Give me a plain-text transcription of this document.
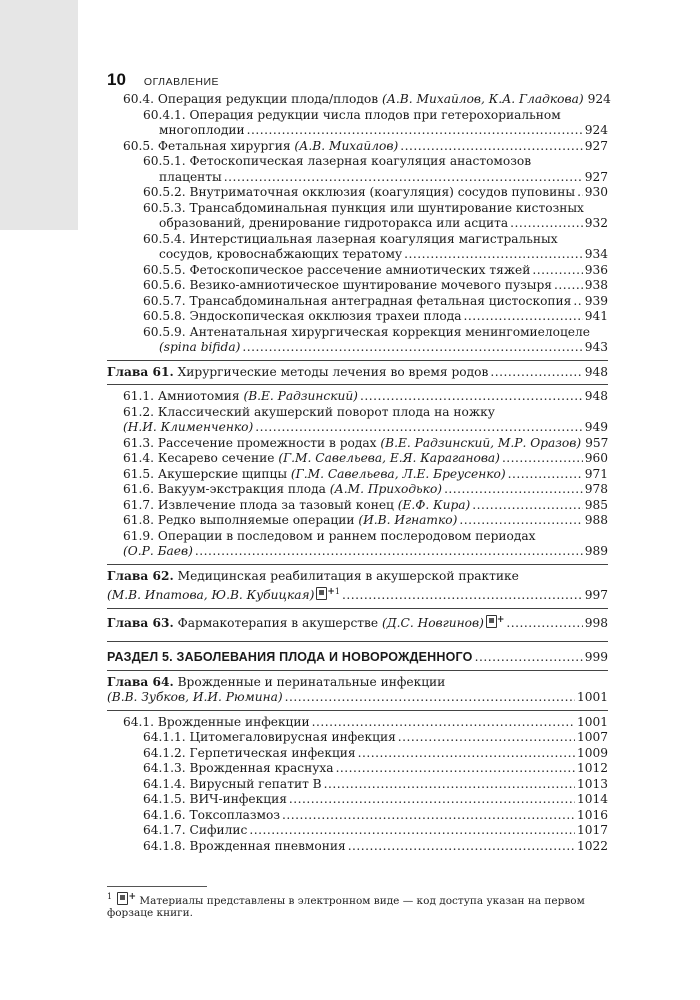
10 ОГЛАВЛЕНИЕ
60.4. Операция редукции плода/плодов (А.В. Михайлов, К.А. Гладкова) 924
60.4.1. Операция редукции числа плодов при гетерохориальном
многоплодии .....	924
60.5. Фетальная хирургия (А.В. Михайлов) .....	927
60.5.1. Фетоскопическая лазерная коагуляция анастомозов
плаценты .....	927
60.5.2. Внутриматочная окклюзия (коагуляция) сосудов пуповины ..... 930
60.5.3. Трансабдоминальная пункция или шунтирование кистозных
образований, дренирование гидроторакса или асцита .....	932
60.5.4. Интерстициальная лазерная коагуляция магистральных
сосудов, кровоснабжающих тератому .....	934
60.5.5. Фетоскопическое рассечение амниотических тяжей .....	936
60.5.6. Везико-амниотическое шунтирование мочевого пузыря .....	938
60.5.7. Трансабдоминальная антеградная фетальная цистоскопия ..... 939
60.5.8. Эндоскопическая окклюзия трахеи плода .....	941
60.5.9. Антенатальная хирургическая коррекция менингомиелоцеле
(spina bifida) .....	943
Глава 61. Хирургические методы лечения во время родов .....	948
61.1. Амниотомия (В.Е. Радзинский) .....	948
61.2. Классический акушерский поворот плода на ножку
(Н.И. Клименченко) .....	949
61.3. Рассечение промежности в родах (В.Е. Радзинский, М.Р. Оразов) 957
61.4. Кесарево сечение (Г.М. Савельева, Е.Я. Караганова) .....	960
61.5. Акушерские щипцы (Г.М. Савельева, Л.Е. Бреусенко) .....	971
61.6. Вакуум-экстракция плода (А.М. Приходько) .....	978
61.7. Извлечение плода за тазовый конец (Е.Ф. Кира) .....	985
61.8. Редко выполняемые операции (И.В. Игнатко) .....	988
61.9. Операции в последовом и раннем послеродовом периодах
(О.Р. Баев) .....	989
Глава 62. Медицинская реабилитация в акушерской практике
(М.В. Ипатова, Ю.В. Кубицкая) $^{+1}$ .....	997
Глава 63. Фармакотерапия в акушерстве (Д.С. Новгинов) + .....	998
РАЗДЕЛ 5. ЗАБОЛЕВАНИЯ ПЛОДА И НОВОРОЖДЕННОГО .....	999
Глава 64. Врожденные и перинатальные инфекции
(В.В. Зубков, И.И. Рюмина) .....	1001
64.1. Врожденные инфекции .....	1001
64.1.1. Цитомегаловирусная инфекция .....	1007
64.1.2. Герпетическая инфекция .....	1009
64.1.3. Врожденная краснуха .....	1012
64.1.4. Вирусный гепатит B .....	1013
64.1.5. ВИЧ-инфекция .....	1014
64.1.6. Токсоплазмоз .....	1016
64.1.7. Сифилис .....	1017
64.1.8. Врожденная пневмония .....	1022
$^1$ + Материалы представлены в электронном виде — код доступа указан на первом форзаце книги.
